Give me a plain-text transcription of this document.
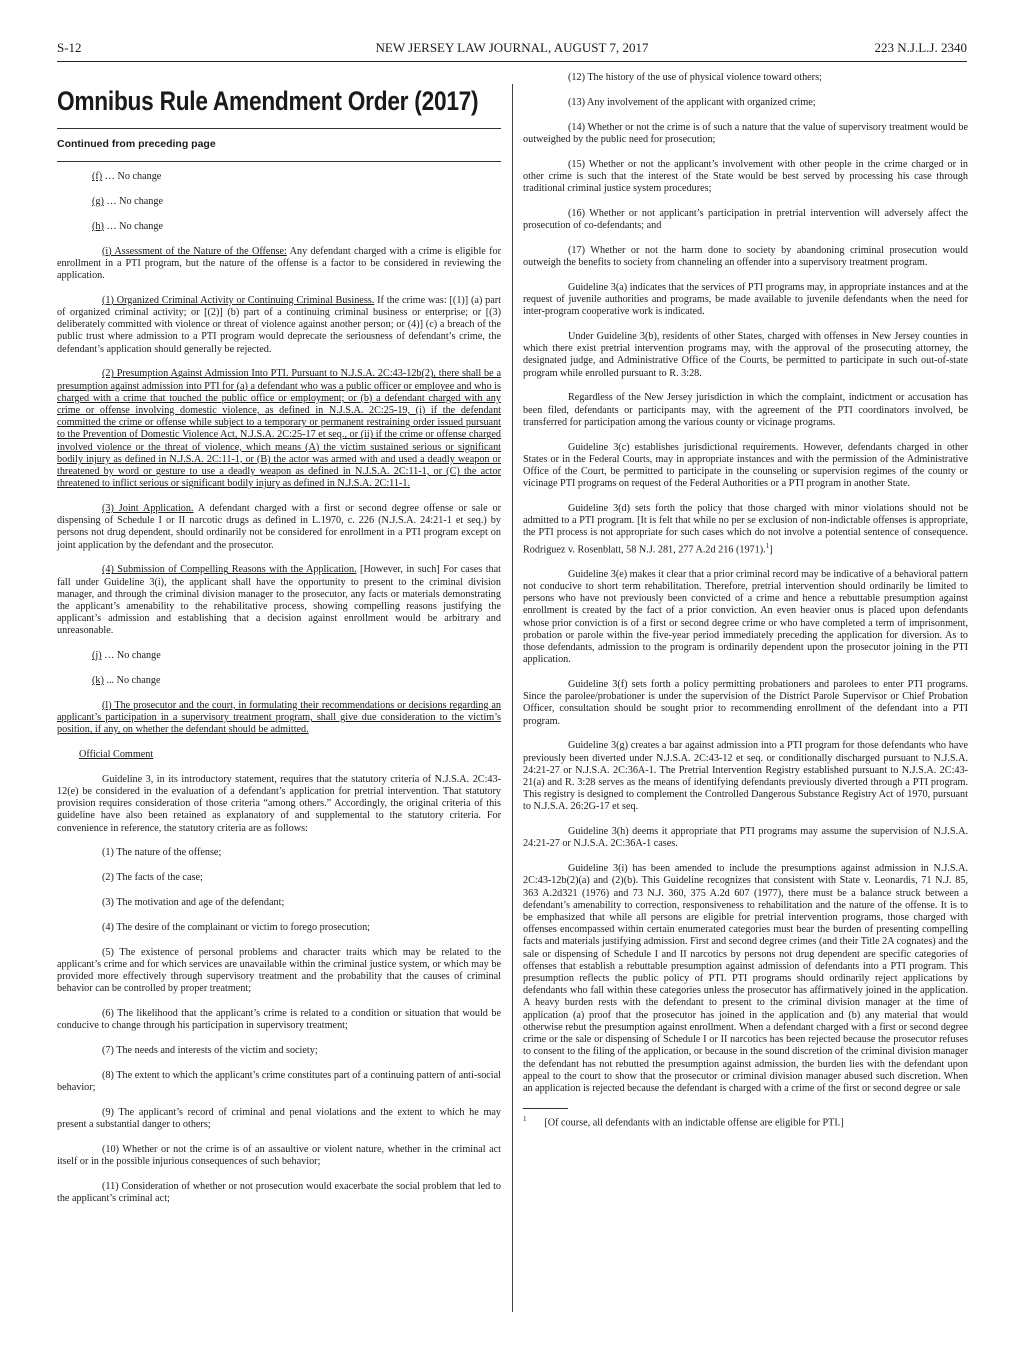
S-12	NEW JERSEY LAW JOURNAL, AUGUST 7, 2017	223 N.J.L.J. 2340
Omnibus Rule Amendment Order (2017)
Continued from preceding page

(f) … No change

(g) … No change

(h) … No change

(i) Assessment of the Nature of the Offense: Any defendant charged with a crime is eligible for enrollment in a PTI program, but the nature of the offense is a factor to be considered in reviewing the application.

(1) Organized Criminal Activity or Continuing Criminal Business. If the crime was: [(1)] (a) part of organized criminal activity; or [(2)] (b) part of a continuing criminal business or enterprise; or [(3) deliberately committed with violence or threat of violence against another person; or (4)] (c) a breach of the public trust where admission to a PTI program would deprecate the seriousness of defendant’s crime, the defendant’s application should generally be rejected.

(2) Presumption Against Admission Into PTI. Pursuant to N.J.S.A. 2C:43-12b(2), there shall be a presumption against admission into PTI for (a) a defendant who was a public officer or employee and who is charged with a crime that touched the public office or employment; or (b) a defendant charged with any crime or offense involving domestic violence, as defined in N.J.S.A. 2C:25-19, (i) if the defendant committed the crime or offense while subject to a temporary or permanent restraining order issued pursuant to the Prevention of Domestic Violence Act, N.J.S.A. 2C:25-17 et seq., or (ii) if the crime or offense charged involved violence or the threat of violence, which means (A) the victim sustained serious or significant bodily injury as defined in N.J.S.A. 2C:11-1, or (B) the actor was armed with and used a deadly weapon or threatened by word or gesture to use a deadly weapon as defined in N.J.S.A. 2C:11-1, or (C) the actor threatened to inflict serious or significant bodily injury as defined in N.J.S.A. 2C:11-1.

(3) Joint Application. A defendant charged with a first or second degree offense or sale or dispensing of Schedule I or II narcotic drugs as defined in L.1970, c. 226 (N.J.S.A. 24:21-1 et seq.) by persons not drug dependent, should ordinarily not be considered for enrollment in a PTI program except on joint application by the defendant and the prosecutor.

(4) Submission of Compelling Reasons with the Application. [However, in such] For cases that fall under Guideline 3(i), the applicant shall have the opportunity to present to the criminal division manager, and through the criminal division manager to the prosecutor, any facts or materials demonstrating the applicant’s amenability to the rehabilitative process, showing compelling reasons justifying the applicant’s admission and establishing that a decision against enrollment would be arbitrary and unreasonable.

(j) … No change

(k) ... No change

(l) The prosecutor and the court, in formulating their recommendations or decisions regarding an applicant’s participation in a supervisory treatment program, shall give due consideration to the victim’s position, if any, on whether the defendant should be admitted.

Official Comment

Guideline 3, in its introductory statement, requires that the statutory criteria of N.J.S.A. 2C:43-12(e) be considered in the evaluation of a defendant’s application for pretrial intervention. That statutory provision requires consideration of those criteria “among others.” Accordingly, the original criteria of this guideline have also been retained as explanatory of and supplemental to the statutory criteria. For convenience in reference, the statutory criteria are as follows:

(1) The nature of the offense;

(2) The facts of the case;

(3) The motivation and age of the defendant;

(4) The desire of the complainant or victim to forego prosecution;

(5) The existence of personal problems and character traits which may be related to the applicant’s crime and for which services are unavailable within the criminal justice system, or which may be provided more effectively through supervisory treatment and the probability that the causes of criminal behavior can be controlled by proper treatment;

(6) The likelihood that the applicant’s crime is related to a condition or situation that would be conducive to change through his participation in supervisory treatment;

(7) The needs and interests of the victim and society;

(8) The extent to which the applicant’s crime constitutes part of a continuing pattern of anti-social behavior;

(9) The applicant’s record of criminal and penal violations and the extent to which he may present a substantial danger to others;

(10) Whether or not the crime is of an assaultive or violent nature, whether in the criminal act itself or in the possible injurious consequences of such behavior;

(11) Consideration of whether or not prosecution would exacerbate the social problem that led to the applicant’s criminal act;

(12) The history of the use of physical violence toward others;

(13) Any involvement of the applicant with organized crime;

(14) Whether or not the crime is of such a nature that the value of supervisory treatment would be outweighed by the public need for prosecution;

(15) Whether or not the applicant’s involvement with other people in the crime charged or in other crime is such that the interest of the State would be best served by processing his case through traditional criminal justice system procedures;

(16) Whether or not applicant’s participation in pretrial intervention will adversely affect the prosecution of co-defendants; and

(17) Whether or not the harm done to society by abandoning criminal prosecution would outweigh the benefits to society from channeling an offender into a supervisory treatment program.

Guideline 3(a) indicates that the services of PTI programs may, in appropriate instances and at the request of juvenile authorities and programs, be made available to juvenile defendants when the need for inter-program cooperative work is indicated.

Under Guideline 3(b), residents of other States, charged with offenses in New Jersey counties in which there exist pretrial intervention programs may, with the approval of the prosecuting attorney, the designated judge, and Administrative Office of the Courts, be permitted to participate in such out-of-state program while enrolled pursuant to R. 3:28.

Regardless of the New Jersey jurisdiction in which the complaint, indictment or accusation has been filed, defendants or participants may, with the agreement of the PTI coordinators involved, be transferred for participation among the various county or vicinage programs.

Guideline 3(c) establishes jurisdictional requirements. However, defendants charged in other States or in the Federal Courts, may in appropriate instances and with the permission of the Administrative Office of the Court, be permitted to participate in the counseling or supervision regimes of the county or vicinage PTI programs on request of the Federal Authorities or a PTI program in another State.

Guideline 3(d) sets forth the policy that those charged with minor violations should not be admitted to a PTI program. [It is felt that while no per se exclusion of non-indictable offenses is appropriate, the PTI process is not appropriate for such cases which do not involve a potential sentence of consequence. Rodriguez v. Rosenblatt, 58 N.J. 281, 277 A.2d 216 (1971).$^1$]

Guideline 3(e) makes it clear that a prior criminal record may be indicative of a behavioral pattern not conducive to short term rehabilitation. Therefore, pretrial intervention should ordinarily be limited to persons who have not previously been convicted of a crime and hence a rebuttable presumption against enrollment is created by the fact of a prior conviction. An even heavier onus is placed upon defendants whose prior conviction is of a first or second degree crime or who have completed a term of imprisonment, probation or parole within the five-year period immediately preceding the application for diversion. As to those defendants, admission to the program is ordinarily dependent upon the prosecutor joining in the PTI application.

Guideline 3(f) sets forth a policy permitting probationers and parolees to enter PTI programs. Since the parolee/probationer is under the supervision of the District Parole Supervisor or Chief Probation Officer, consultation should be sought prior to recommending enrollment of the defendant into a PTI program.

Guideline 3(g) creates a bar against admission into a PTI program for those defendants who have previously been diverted under N.J.S.A. 2C:43-12 et seq. or conditionally discharged pursuant to N.J.S.A. 24:21-27 or N.J.S.A. 2C:36A-1. The Pretrial Intervention Registry established pursuant to N.J.S.A. 2C:43-21(a) and R. 3:28 serves as the means of identifying defendants previously diverted through a PTI program. This registry is designed to complement the Controlled Dangerous Substance Registry Act of 1970, pursuant to N.J.S.A. 26:2G-17 et seq.

Guideline 3(h) deems it appropriate that PTI programs may assume the supervision of N.J.S.A. 24:21-27 or N.J.S.A. 2C:36A-1 cases.

Guideline 3(i) has been amended to include the presumptions against admission in N.J.S.A. 2C:43-12b(2)(a) and (2)(b). This Guideline recognizes that consistent with State v. Leonardis, 71 N.J. 85, 363 A.2d321 (1976) and 73 N.J. 360, 375 A.2d 607 (1977), there must be a balance struck between a defendant’s amenability to correction, responsiveness to rehabilitation and the nature of the offense. It is to be emphasized that while all persons are eligible for pretrial intervention programs, those charged with offenses encompassed within certain enumerated categories must bear the burden of presenting compelling facts and materials justifying admission. First and second degree crimes (and their Title 2A cognates) and the sale or dispensing of Schedule I and II narcotics by persons not drug dependent are specific categories of offenses that establish a rebuttable presumption against admission of defendants into a PTI program. This presumption reflects the public policy of PTI. PTI programs should ordinarily reject applications by defendants who fall within these categories unless the prosecutor has affirmatively joined in the application. A heavy burden rests with the defendant to present to the criminal division manager at the time of application (a) proof that the prosecutor has joined in the application and (b) any material that would otherwise rebut the presumption against enrollment. When a defendant charged with a first or second degree crime or the sale or dispensing of Schedule I or II narcotics has been rejected because the prosecutor refuses to consent to the filing of the application, or because in the sound discretion of the criminal division manager the defendant has not rebutted the presumption against admission, the burden lies with the defendant upon appeal to the court to show that the prosecutor or criminal division manager abused such discretion. When an application is rejected because the defendant is charged with a crime of the first or second degree or sale

$^1$ [Of course, all defendants with an indictable offense are eligible for PTI.]
